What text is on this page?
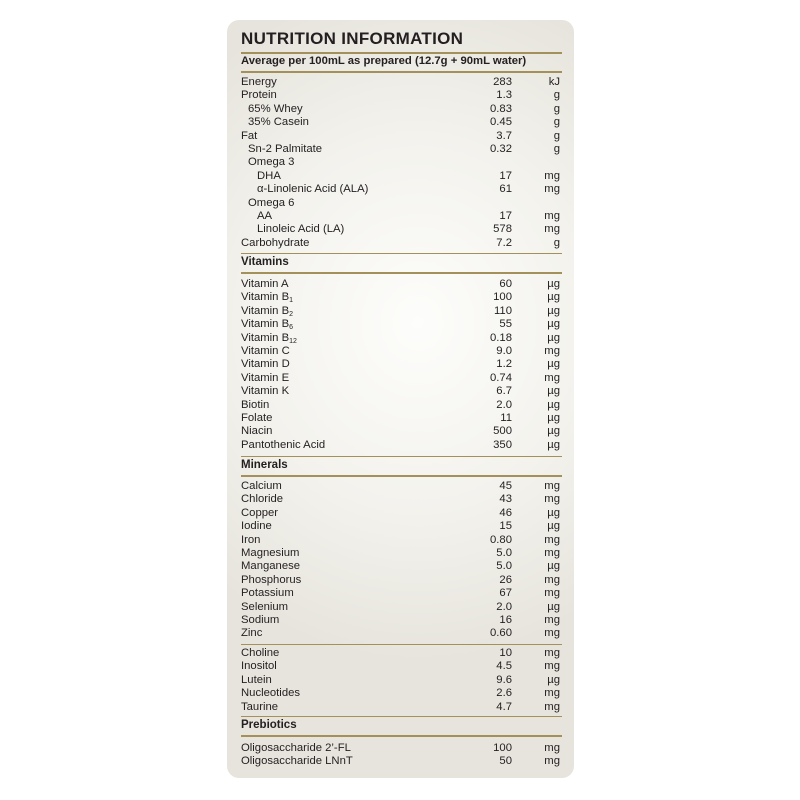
NUTRITION INFORMATION
Average per 100mL as prepared (12.7g + 90mL water)
Energy	283	kJ
Protein	1.3	g
65% Whey	0.83	g
35% Casein	0.45	g
Fat	3.7	g
Sn-2 Palmitate	0.32	g
Omega 3
DHA	17	mg
α-Linolenic Acid (ALA)	61	mg
Omega 6
AA	17	mg
Linoleic Acid (LA)	578	mg
Carbohydrate	7.2	g
Vitamins
Vitamin A	60	µg
Vitamin $B_1$	100	µg
Vitamin $B_2$	110	µg
Vitamin $B_6$	55	µg
Vitamin $B_{12}$	0.18	µg
Vitamin C	9.0	mg
Vitamin D	1.2	µg
Vitamin E	0.74	mg
Vitamin K	6.7	µg
Biotin	2.0	µg
Folate	11	µg
Niacin	500	µg
Pantothenic Acid	350	µg
Minerals
Calcium	45	mg
Chloride	43	mg
Copper	46	µg
Iodine	15	µg
Iron	0.80	mg
Magnesium	5.0	mg
Manganese	5.0	µg
Phosphorus	26	mg
Potassium	67	mg
Selenium	2.0	µg
Sodium	16	mg
Zinc	0.60	mg
Choline	10	mg
Inositol	4.5	mg
Lutein	9.6	µg
Nucleotides	2.6	mg
Taurine	4.7	mg
Prebiotics
Oligosaccharide 2’-FL	100	mg
Oligosaccharide LNnT	50	mg
